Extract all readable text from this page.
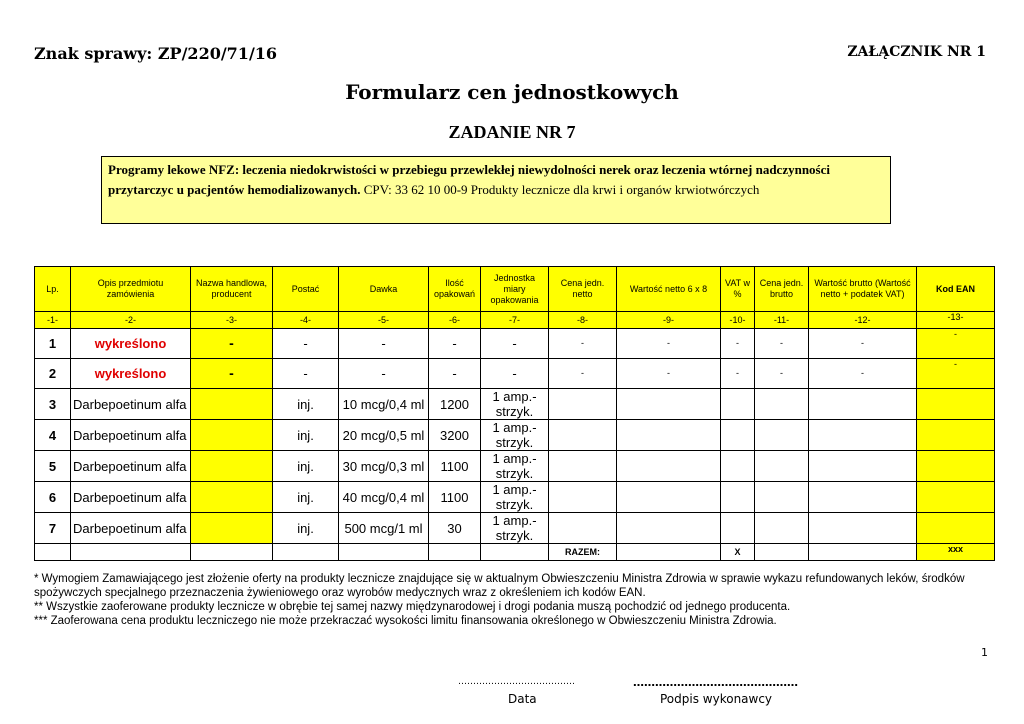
Znak sprawy: ZP/220/71/16	ZAŁĄCZNIK NR 1
Formularz cen jednostkowych
ZADANIE NR 7
Programy lekowe NFZ: leczenia niedokrwistości w przebiegu przewlekłej niewydolności nerek oraz leczenia wtórnej nadczynności przytarczyc u pacjentów hemodializowanych. CPV: 33 62 10 00-9 Produkty lecznicze dla krwi i organów krwiotwórczych
Lp.	Opis przedmiotu zamówienia	Nazwa handlowa, producent	Postać	Dawka	Ilość opakowań	Jednostka miary opakowania	Cena jedn. netto	Wartość netto 6 x 8	VAT w %	Cena jedn. brutto	Wartość brutto (Wartość netto + podatek VAT)	Kod EAN
-1-	-2-	-3-	-4-	-5-	-6-	-7-	-8-	-9-	-10-	-11-	-12-	-13-
1	wykreślono	-	-	-	-	-	-	-	-	-	-	-
2	wykreślono	-	-	-	-	-	-	-	-	-	-	-
3	Darbepoetinum alfa		inj.	10 mcg/0,4 ml	1200	1 amp.-strzyk.						
4	Darbepoetinum alfa		inj.	20 mcg/0,5 ml	3200	1 amp.-strzyk.						
5	Darbepoetinum alfa		inj.	30 mcg/0,3 ml	1100	1 amp.-strzyk.						
6	Darbepoetinum alfa		inj.	40 mcg/0,4 ml	1100	1 amp.-strzyk.						
7	Darbepoetinum alfa		inj.	500 mcg/1 ml	30	1 amp.-strzyk.						
							RAZEM:		X			xxx

* Wymogiem Zamawiającego jest złożenie oferty na produkty lecznicze znajdujące się w aktualnym Obwieszczeniu Ministra Zdrowia w sprawie wykazu refundowanych leków, środków spożywczych specjalnego przeznaczenia żywieniowego oraz wyrobów medycznych wraz z określeniem ich kodów EAN.

** Wszystkie zaoferowane produkty lecznicze w obrębie tej samej nazwy międzynarodowej i drogi podania muszą pochodzić od jednego producenta.

*** Zaoferowana cena produktu leczniczego nie może przekraczać wysokości limitu finansowania określonego w Obwieszczeniu Ministra Zdrowia.

1
…………………………………	………………………………………
Data	Podpis wykonawcy
